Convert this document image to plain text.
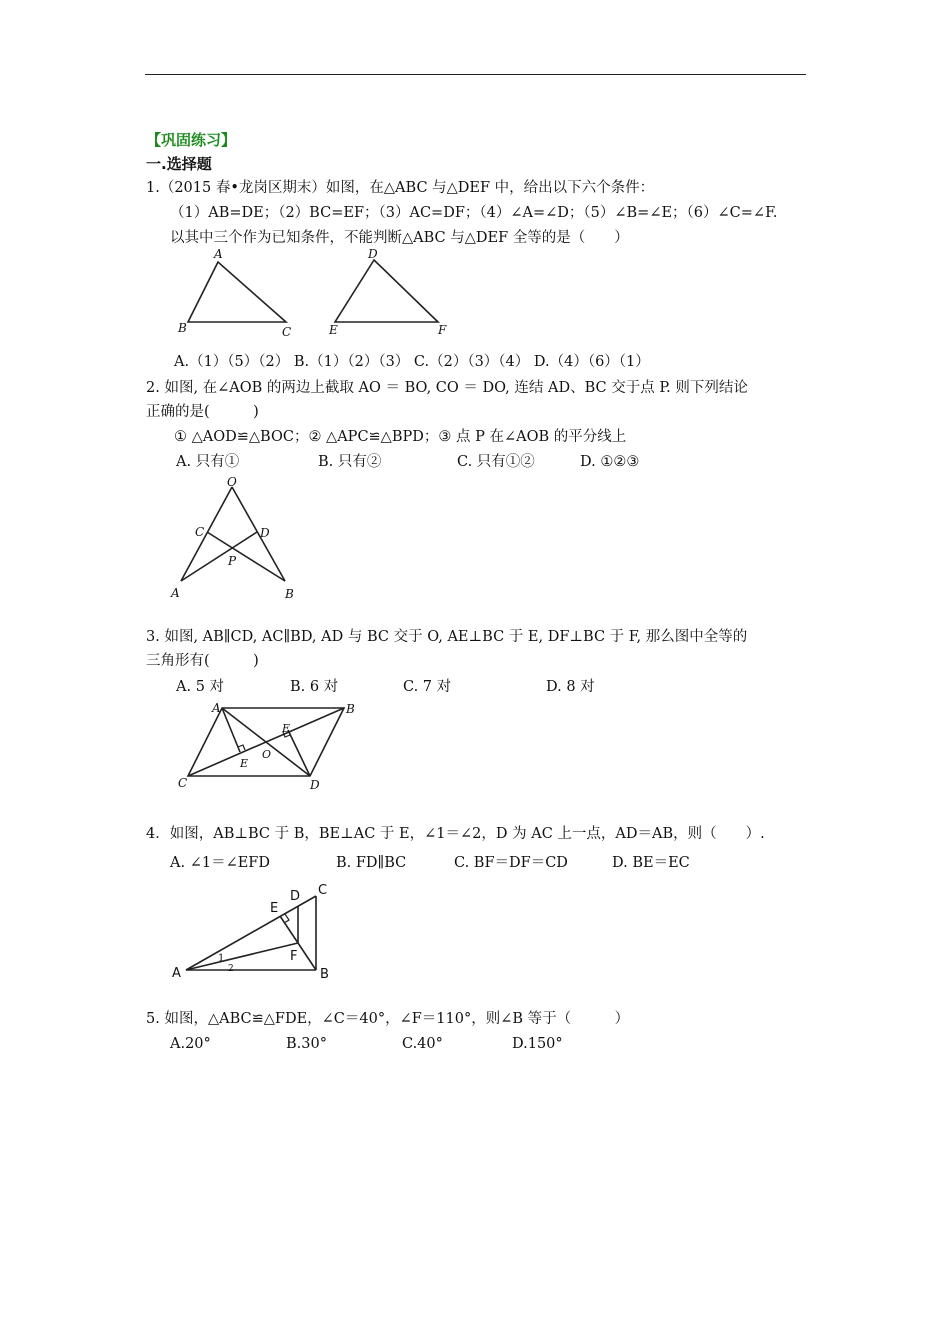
【巩固练习】
一.选择题
1.（2015 春•龙岗区期末）如图，在△ABC 与△DEF 中，给出以下六个条件：
（1）AB=DE；（2）BC=EF；（3）AC=DF；（4）∠A=∠D；（5）∠B=∠E；（6）∠C=∠F.
以其中三个作为已知条件，不能判断△ABC 与△DEF 全等的是（　　）
A
B	C
D
E	F
A.（1）（5）（2） B.（1）（2）（3） C.（2）（3）（4） D.（4）（6）（1）
2. 如图, 在∠AOB 的两边上截取 AO ＝ BO, CO ＝ DO, 连结 AD、BC 交于点 P. 则下列结论
正确的是(　　　)
① △AOD≌△BOC；② △APC≌△BPD；③ 点 P 在∠AOB 的平分线上
A. 只有①	B. 只有②	C. 只有①②	D. ①②③
O
C	D
P
A	B
3. 如图, AB∥CD, AC∥BD, AD 与 BC 交于 O, AE⊥BC 于 E, DF⊥BC 于 F, 那么图中全等的
三角形有(　　　)
A. 5 对	B. 6 对	C. 7 对	D. 8 对
A	B
C	D
E
E
O
4．如图，AB⊥BC 于 B，BE⊥AC 于 E，∠1＝∠2，D 为 AC 上一点，AD＝AB，则（　　）.
A. ∠1＝∠EFD	B. FD∥BC	C. BF＝DF＝CD	D. BE＝EC
C
D
E
F
A	B
1
2
5. 如图，△ABC≌△FDE，∠C＝40°，∠F＝110°，则∠B 等于（　　　）
A.20°	B.30°	C.40°	D.150°
